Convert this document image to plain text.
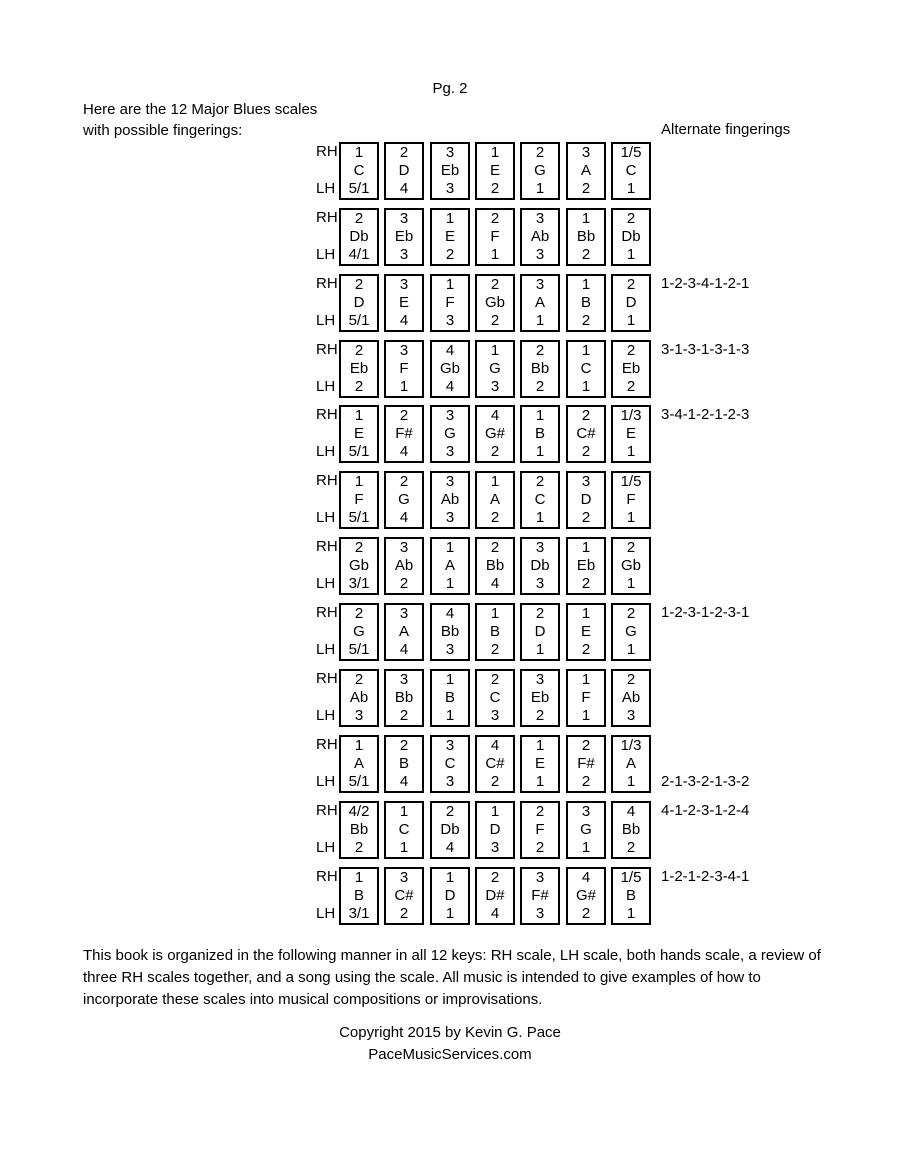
Pg. 2
Here are the 12 Major Blues scales
with possible fingerings:	Alternate fingerings
RH
LH
1
C
5/1
2
D
4
3
Eb
3
1
E
2
2
G
1
3
A
2
1/5
C
1
RH
LH
2
Db
4/1
3
Eb
3
1
E
2
2
F
1
3
Ab
3
1
Bb
2
2
Db
1
RH
LH
2
D
5/1
3
E
4
1
F
3
2
Gb
2
3
A
1
1
B
2
2
D
1
1-2-3-4-1-2-1
RH
LH
2
Eb
2
3
F
1
4
Gb
4
1
G
3
2
Bb
2
1
C
1
2
Eb
2
3-1-3-1-3-1-3
RH
LH
1
E
5/1
2
F#
4
3
G
3
4
G#
2
1
B
1
2
C#
2
1/3
E
1
3-4-1-2-1-2-3
RH
LH
1
F
5/1
2
G
4
3
Ab
3
1
A
2
2
C
1
3
D
2
1/5
F
1
RH
LH
2
Gb
3/1
3
Ab
2
1
A
1
2
Bb
4
3
Db
3
1
Eb
2
2
Gb
1
RH
LH
2
G
5/1
3
A
4
4
Bb
3
1
B
2
2
D
1
1
E
2
2
G
1
1-2-3-1-2-3-1
RH
LH
2
Ab
3
3
Bb
2
1
B
1
2
C
3
3
Eb
2
1
F
1
2
Ab
3
RH
LH
1
A
5/1
2
B
4
3
C
3
4
C#
2
1
E
1
2
F#
2
1/3
A
1	2-1-3-2-1-3-2
RH
LH
4/2
Bb
2
1
C
1
2
Db
4
1
D
3
2
F
2
3
G
1
4
Bb
2
4-1-2-3-1-2-4
RH
LH
1
B
3/1
3
C#
2
1
D
1
2
D#
4
3
F#
3
4
G#
2
1/5
B
1
1-2-1-2-3-4-1
This book is organized in the following manner in all 12 keys: RH scale, LH scale, both hands scale, a review of three RH scales together, and a song using the scale. All music is intended to give examples of how to incorporate these scales into musical compositions or improvisations.
Copyright 2015 by Kevin G. Pace
PaceMusicServices.com
